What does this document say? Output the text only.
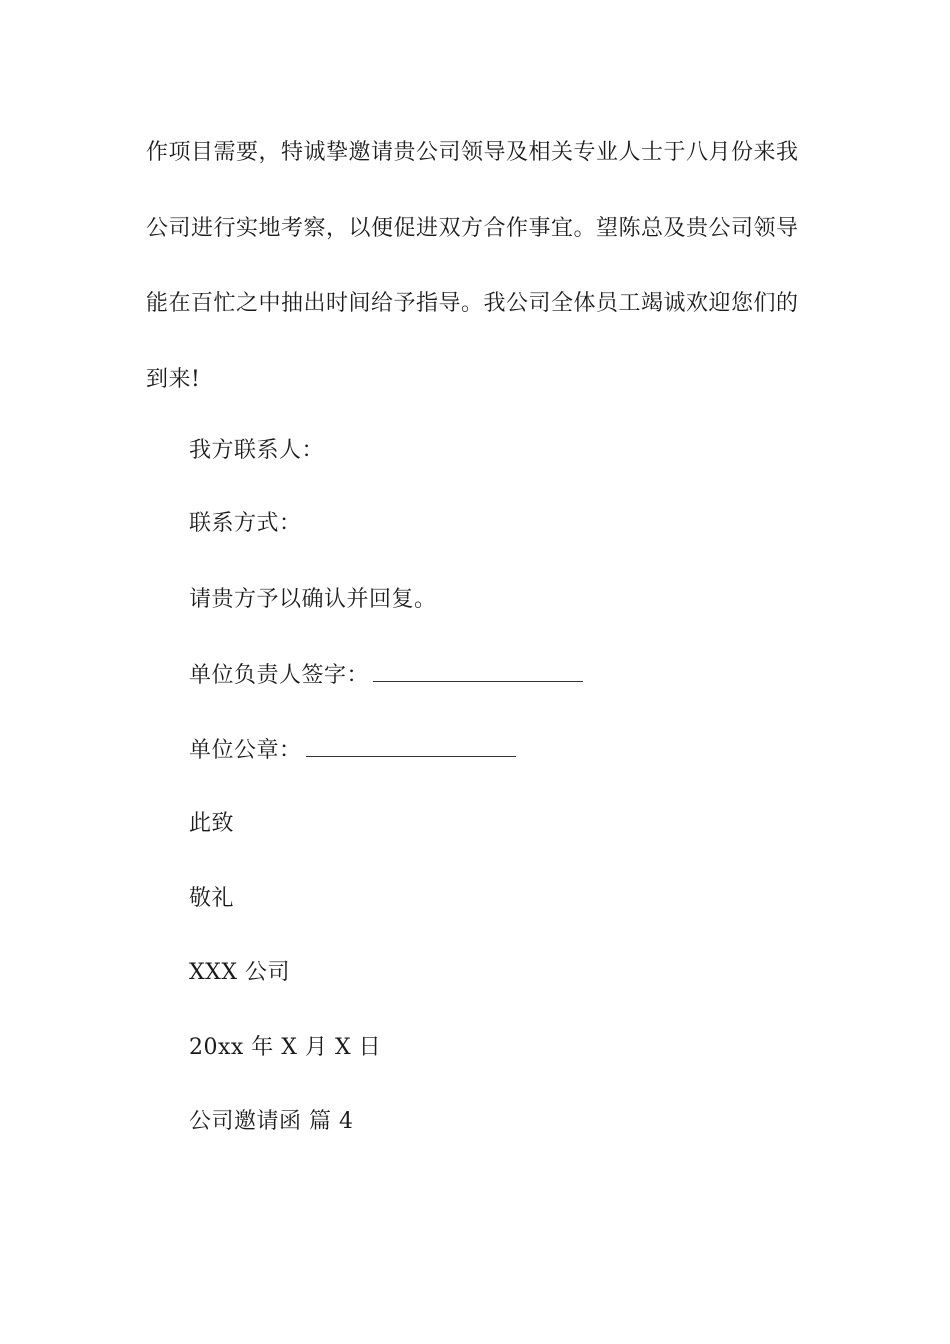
作项目需要，特诚挚邀请贵公司领导及相关专业人士于八月份来我
公司进行实地考察，以便促进双方合作事宜。望陈总及贵公司领导
能在百忙之中抽出时间给予指导。我公司全体员工竭诚欢迎您们的
到来!
我方联系人：
联系方式：
请贵方予以确认并回复。
单位负责人签字：
单位公章：
此致
敬礼
XXX 公司
20xx 年 X 月 X 日
公司邀请函 篇 4
